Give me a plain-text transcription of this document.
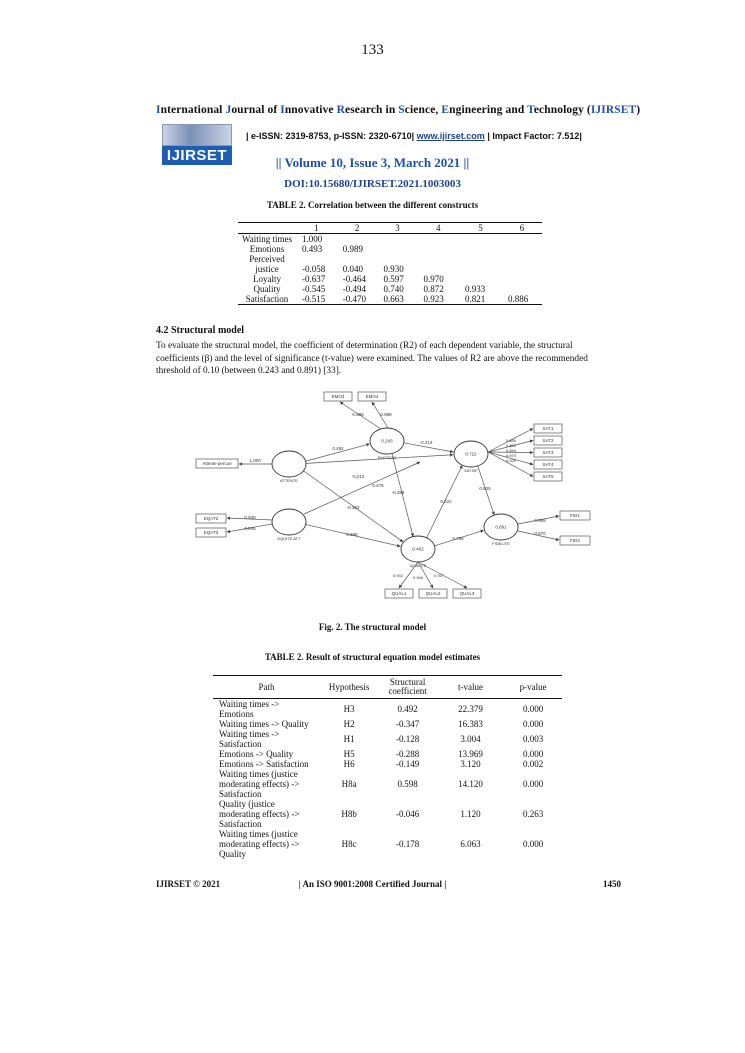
133
International Journal of Innovative Research in Science, Engineering and Technology (IJIRSET)
IJIRSET
| e-ISSN: 2319-8753, p-ISSN: 2320-6710| www.ijirset.com | Impact Factor: 7.512|
|| Volume 10, Issue 3, March 2021 ||
DOI:10.15680/IJIRSET.2021.1003003
TABLE 2. Correlation between the different constructs
	1	2	3	4	5	6
Waiting times	1.000					
Emotions	0.493	0.989				
Perceived						
justice	-0.058	0.040	0.930			
Loyalty	-0.637	-0.464	0.597	0.970		
Quality	-0.545	-0.494	0.740	0.872	0.933	
Satisfaction	-0.515	-0.470	0.663	0.923	0.821	0.886
4.2 Structural model
To evaluate the structural model, the coefficient of determination (R2) of each dependent variable, the structural coefficients (β) and the level of significance (t-value) were examined. The values of R2 are above the recommended threshold of 0.10 (between 0.243 and 0.891) [33].
0.492
-0.213
-0.212
-0.363
-0.288
0.598
0.222
0.756
0.825
0.475
0.243
EMOTION
0.722
SATISF
ATTENTE
EQUITE ATT
0.891
FIDELITE
0.462
QUALITE
EMO3	EMO4
0.989	0.988
SAT1
0.849	SAT2
0.892
SAT3
0.894
SAT4
0.870
SAT5
0.929
Attente percue
1.000
EQAT2
EQAT3
0.930
0.945
FID1
FID2
0.969
0.970
QUAL1	QUAL2	QUAL3
0.932 0.946	0.927
Fig. 2. The structural model
TABLE 2. Result of structural equation model estimates
Path	Hypothesis	Structural coefficient	t-value	p-value
Waiting times -> Emotions	H3	0.492	22.379	0.000
Waiting times -> Quality	H2	-0.347	16.383	0.000
Waiting times -> Satisfaction	H1	-0.128	3.004	0.003
Emotions -> Quality	H5	-0.288	13.969	0.000
Emotions -> Satisfaction	H6	-0.149	3.120	0.002
Waiting times (justice moderating effects) -> Satisfaction	H8a	0.598	14.120	0.000
Quality (justice moderating effects) -> Satisfaction	H8b	-0.046	1.120	0.263
Waiting times (justice moderating effects) -> Quality	H8c	-0.178	6.063	0.000
IJIRSET © 2021	| An ISO 9001:2008 Certified Journal |	1450
